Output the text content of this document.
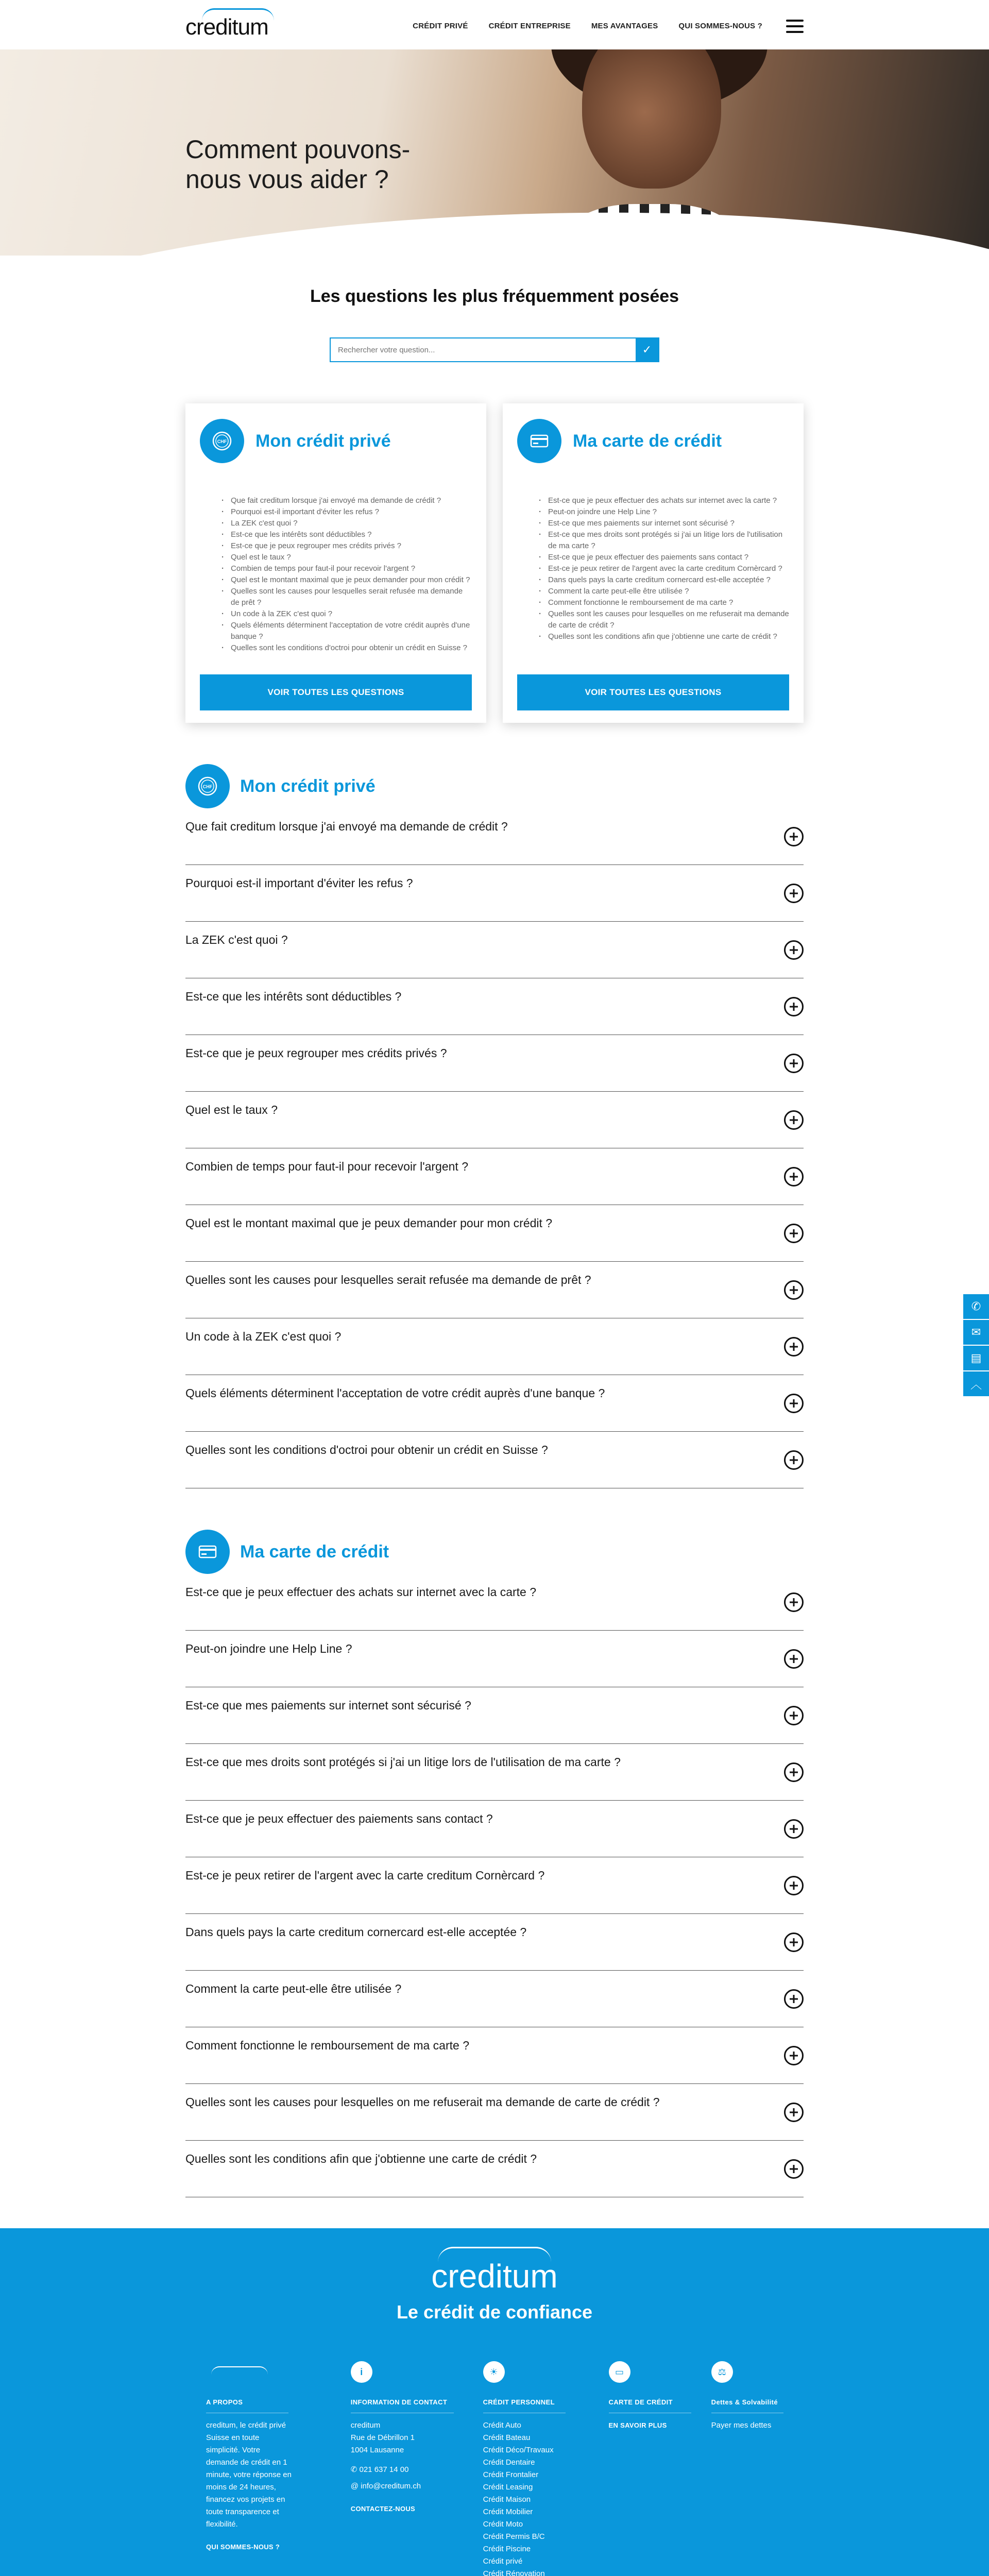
creditum	CRÉDIT PRIVÉ	CRÉDIT ENTREPRISE	MES AVANTAGES	QUI SOMMES-NOUS ?
Comment pouvons-nous vous aider ?
Les questions les plus fréquemment posées
Rechercher votre question...
✓
CHF Mon crédit privé
· Que fait creditum lorsque j'ai envoyé ma demande de crédit ?
· Pourquoi est-il important d'éviter les refus ?
· La ZEK c'est quoi ?
· Est-ce que les intérêts sont déductibles ?
· Est-ce que je peux regrouper mes crédits privés ?
· Quel est le taux ?
· Combien de temps pour faut-il pour recevoir l'argent ?
· Quel est le montant maximal que je peux demander pour mon crédit ?
· Quelles sont les causes pour lesquelles serait refusée ma demande de prêt ?
· Un code à la ZEK c'est quoi ?
· Quels éléments déterminent l'acceptation de votre crédit auprès d'une banque ?
· Quelles sont les conditions d'octroi pour obtenir un crédit en Suisse ?
VOIR TOUTES LES QUESTIONS
Ma carte de crédit
· Est-ce que je peux effectuer des achats sur internet avec la carte ?
· Peut-on joindre une Help Line ?
· Est-ce que mes paiements sur internet sont sécurisé ?
· Est-ce que mes droits sont protégés si j'ai un litige lors de l'utilisation de ma carte ?
· Est-ce que je peux effectuer des paiements sans contact ?
· Est-ce je peux retirer de l'argent avec la carte creditum Cornèrcard ?
· Dans quels pays la carte creditum cornercard est-elle acceptée ?
· Comment la carte peut-elle être utilisée ?
· Comment fonctionne le remboursement de ma carte ?
· Quelles sont les causes pour lesquelles on me refuserait ma demande de carte de crédit ?
· Quelles sont les conditions afin que j'obtienne une carte de crédit ?
VOIR TOUTES LES QUESTIONS
CHF Mon crédit privé
Que fait creditum lorsque j'ai envoyé ma demande de crédit ?
Pourquoi est-il important d'éviter les refus ?
La ZEK c'est quoi ?
Est-ce que les intérêts sont déductibles ?
Est-ce que je peux regrouper mes crédits privés ?
Quel est le taux ?
Combien de temps pour faut-il pour recevoir l'argent ?
Quel est le montant maximal que je peux demander pour mon crédit ?
Quelles sont les causes pour lesquelles serait refusée ma demande de prêt ?
Un code à la ZEK c'est quoi ?
Quels éléments déterminent l'acceptation de votre crédit auprès d'une banque ?
Quelles sont les conditions d'octroi pour obtenir un crédit en Suisse ?
Ma carte de crédit
Est-ce que je peux effectuer des achats sur internet avec la carte ?
Peut-on joindre une Help Line ?
Est-ce que mes paiements sur internet sont sécurisé ?
Est-ce que mes droits sont protégés si j'ai un litige lors de l'utilisation de ma carte ?
Est-ce que je peux effectuer des paiements sans contact ?
Est-ce je peux retirer de l'argent avec la carte creditum Cornèrcard ?
Dans quels pays la carte creditum cornercard est-elle acceptée ?
Comment la carte peut-elle être utilisée ?
Comment fonctionne le remboursement de ma carte ?
Quelles sont les causes pour lesquelles on me refuserait ma demande de carte de crédit ?
Quelles sont les conditions afin que j'obtienne une carte de crédit ?
✆
✉
▤
︿
creditum
Le crédit de confiance
A PROPOS
creditum, le crédit privé Suisse en toute simplicité. Votre demande de crédit en 1 minute, votre réponse en moins de 24 heures, financez vos projets en toute transparence et flexibilité.
QUI SOMMES-NOUS ?
i
INFORMATION DE CONTACT
creditum
Rue de Débrillon 1
1004 Lausanne
✆ 021 637 14 00
@ info@creditum.ch
CONTACTEZ-NOUS
☀
CRÉDIT PERSONNEL
Crédit Auto
Crédit Bateau
Crédit Déco/Travaux
Crédit Dentaire
Crédit Frontalier
Crédit Leasing
Crédit Maison
Crédit Mobilier
Crédit Moto
Crédit Permis B/C
Crédit Piscine
Crédit privé
Crédit Rénovation
▭
CARTE DE CRÉDIT
EN SAVOIR PLUS
⚖
Dettes & Solvabilité
Payer mes dettes
